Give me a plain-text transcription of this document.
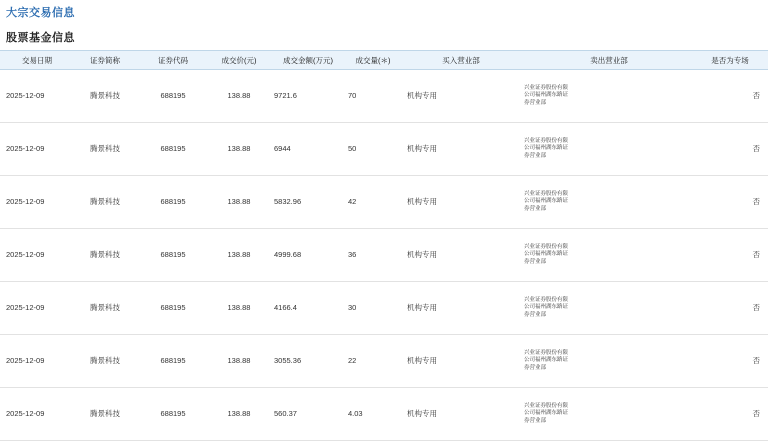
大宗交易信息
股票基金信息
交易日期	证券简称	证券代码	成交价(元)	成交金额(万元)	成交量(＊)	买入营业部	卖出营业部	是否为专场
2025-12-09	腾景科技	688195	138.88	9721.6	70	机构专用	兴业证券股份有限公司福州湖东路证券营业部	否
2025-12-09	腾景科技	688195	138.88	6944	50	机构专用	兴业证券股份有限公司福州湖东路证券营业部	否
2025-12-09	腾景科技	688195	138.88	5832.96	42	机构专用	兴业证券股份有限公司福州湖东路证券营业部	否
2025-12-09	腾景科技	688195	138.88	4999.68	36	机构专用	兴业证券股份有限公司福州湖东路证券营业部	否
2025-12-09	腾景科技	688195	138.88	4166.4	30	机构专用	兴业证券股份有限公司福州湖东路证券营业部	否
2025-12-09	腾景科技	688195	138.88	3055.36	22	机构专用	兴业证券股份有限公司福州湖东路证券营业部	否
2025-12-09	腾景科技	688195	138.88	560.37	4.03	机构专用	兴业证券股份有限公司福州湖东路证券营业部	否
